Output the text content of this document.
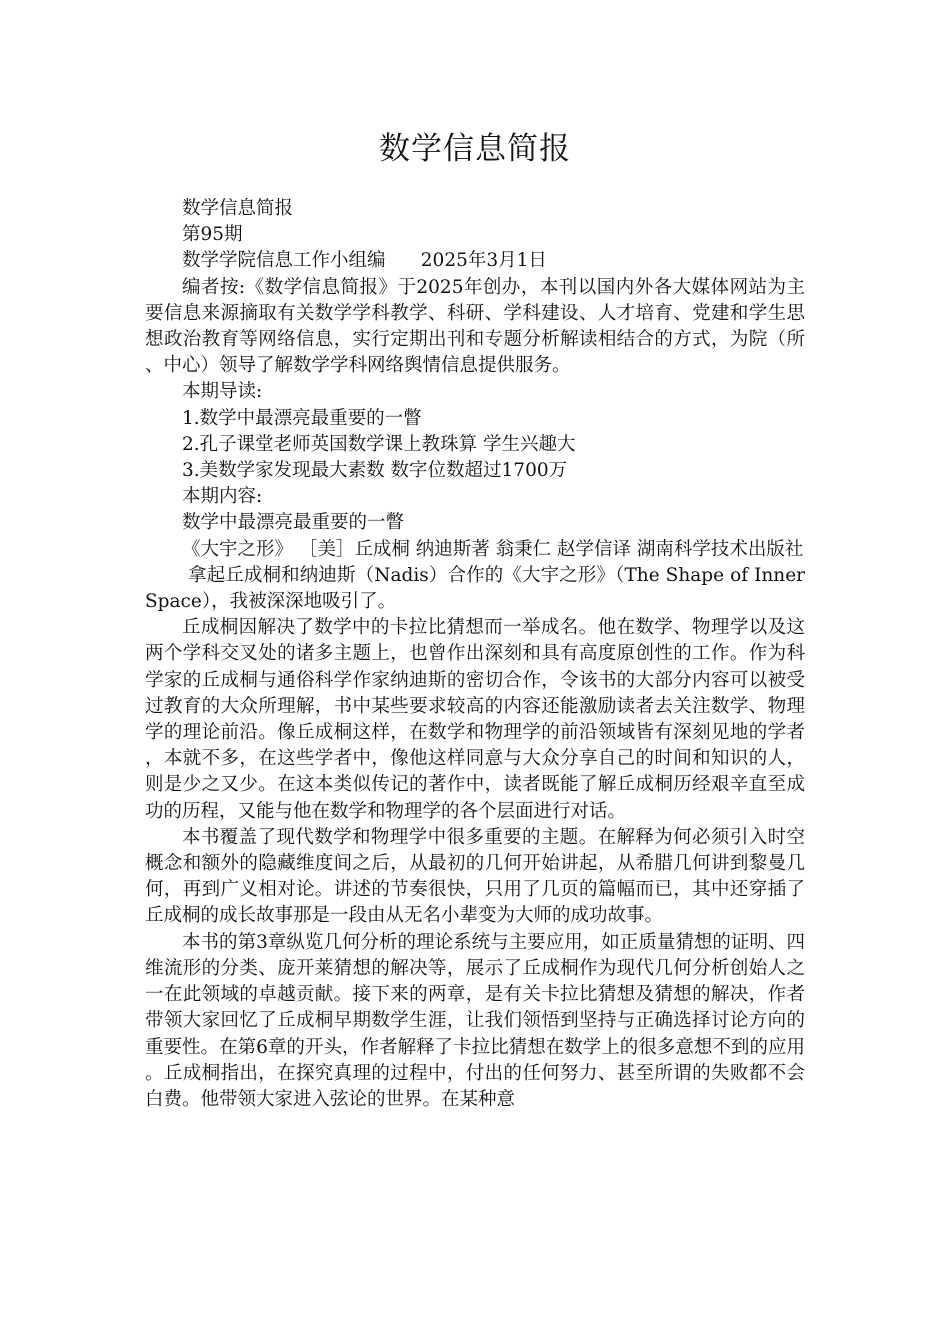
数学信息简报

数学信息简报

第95期

数学学院信息工作小组编      2025年3月1日

编者按:《数学信息简报》于2025年创办，本刊以国内外各大媒体网站为主要信息来源摘取有关数学学科教学、科研、学科建设、人才培育、党建和学生思想政治教育等网络信息，实行定期出刊和专题分析解读相结合的方式，为院（所、中心）领导了解数学学科网络舆情信息提供服务。

本期导读:

1.数学中最漂亮最重要的一瞥

2.孔子课堂老师英国数学课上教珠算 学生兴趣大

3.美数学家发现最大素数 数字位数超过1700万

本期内容:

数学中最漂亮最重要的一瞥

《大宇之形》 ［美］丘成桐 纳迪斯著 翁秉仁 赵学信译 湖南科学技术出版社

拿起丘成桐和纳迪斯（Nadis）合作的《大宇之形》（The Shape of Inner Space），我被深深地吸引了。

丘成桐因解决了数学中的卡拉比猜想而一举成名。他在数学、物理学以及这两个学科交叉处的诸多主题上，也曾作出深刻和具有高度原创性的工作。作为科学家的丘成桐与通俗科学作家纳迪斯的密切合作，令该书的大部分内容可以被受过教育的大众所理解，书中某些要求较高的内容还能激励读者去关注数学、物理学的理论前沿。像丘成桐这样，在数学和物理学的前沿领域皆有深刻见地的学者，本就不多，在这些学者中，像他这样同意与大众分享自己的时间和知识的人，则是少之又少。在这本类似传记的著作中，读者既能了解丘成桐历经艰辛直至成功的历程，又能与他在数学和物理学的各个层面进行对话。

本书覆盖了现代数学和物理学中很多重要的主题。在解释为何必须引入时空概念和额外的隐藏维度间之后，从最初的几何开始讲起，从希腊几何讲到黎曼几何，再到广义相对论。讲述的节奏很快，只用了几页的篇幅而已，其中还穿插了丘成桐的成长故事那是一段由从无名小辈变为大师的成功故事。

本书的第3章纵览几何分析的理论系统与主要应用，如正质量猜想的证明、四维流形的分类、庞开莱猜想的解决等，展示了丘成桐作为现代几何分析创始人之一在此领域的卓越贡献。接下来的两章，是有关卡拉比猜想及猜想的解决，作者带领大家回忆了丘成桐早期数学生涯，让我们领悟到坚持与正确选择讨论方向的重要性。在第6章的开头，作者解释了卡拉比猜想在数学上的很多意想不到的应用。丘成桐指出，在探究真理的过程中，付出的任何努力、甚至所谓的失败都不会白费。他带领大家进入弦论的世界。在某种意
